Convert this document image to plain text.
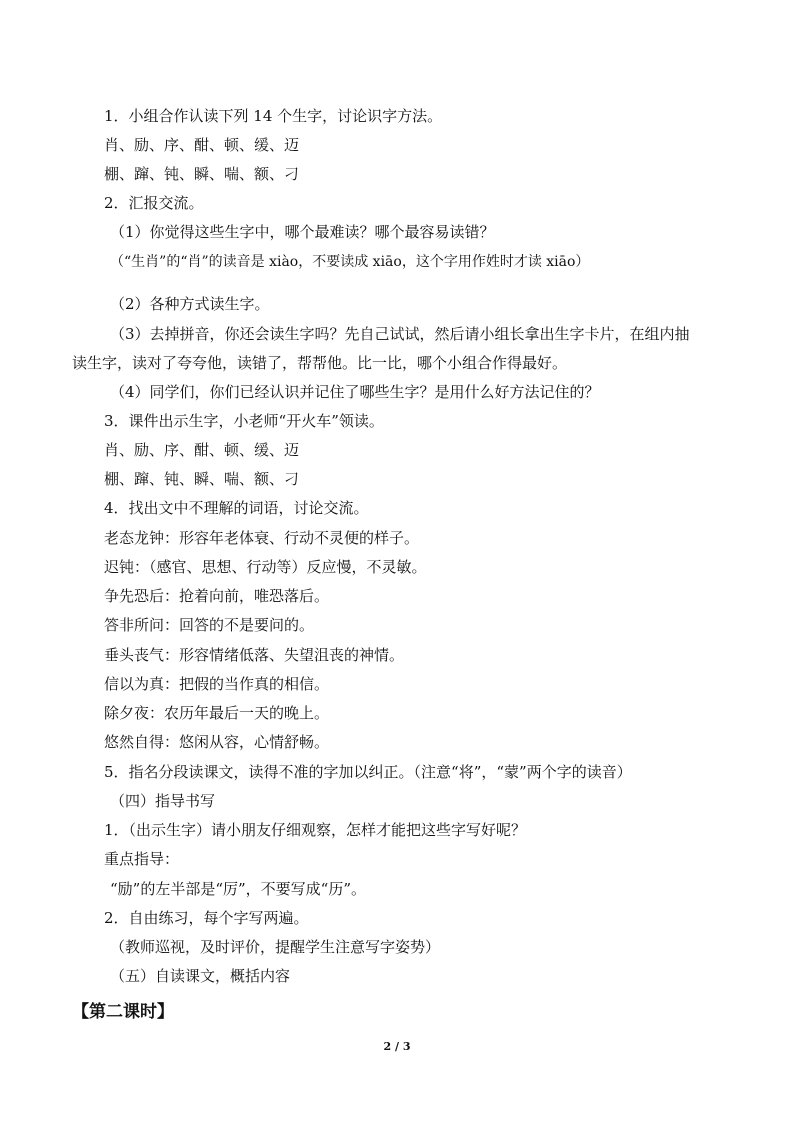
1．小组合作认读下列 14 个生字，讨论识字方法。
肖、励、序、酣、顿、缓、迈
棚、蹿、钝、瞬、喘、额、刁
2．汇报交流。
（1）你觉得这些生字中，哪个最难读？哪个最容易读错？
（“生肖”的“肖”的读音是 xiào，不要读成 xiāo，这个字用作姓时才读 xiāo）
（2）各种方式读生字。
（3）去掉拼音，你还会读生字吗？先自己试试，然后请小组长拿出生字卡片，在组内抽
读生字，读对了夸夸他，读错了，帮帮他。比一比，哪个小组合作得最好。
（4）同学们，你们已经认识并记住了哪些生字？是用什么好方法记住的？
3．课件出示生字，小老师“开火车”领读。
肖、励、序、酣、顿、缓、迈
棚、蹿、钝、瞬、喘、额、刁
4．找出文中不理解的词语，讨论交流。
老态龙钟：形容年老体衰、行动不灵便的样子。
迟钝：（感官、思想、行动等）反应慢，不灵敏。
争先恐后：抢着向前，唯恐落后。
答非所问：回答的不是要问的。
垂头丧气：形容情绪低落、失望沮丧的神情。
信以为真：把假的当作真的相信。
除夕夜：农历年最后一天的晚上。
悠然自得：悠闲从容，心情舒畅。
5．指名分段读课文，读得不准的字加以纠正。（注意“将”，“蒙”两个字的读音）
（四）指导书写
1．（出示生字）请小朋友仔细观察，怎样才能把这些字写好呢？
重点指导：
“励”的左半部是“厉”，不要写成“历”。
2．自由练习，每个字写两遍。
（教师巡视，及时评价，提醒学生注意写字姿势）
（五）自读课文，概括内容
【第二课时】
2 / 3
